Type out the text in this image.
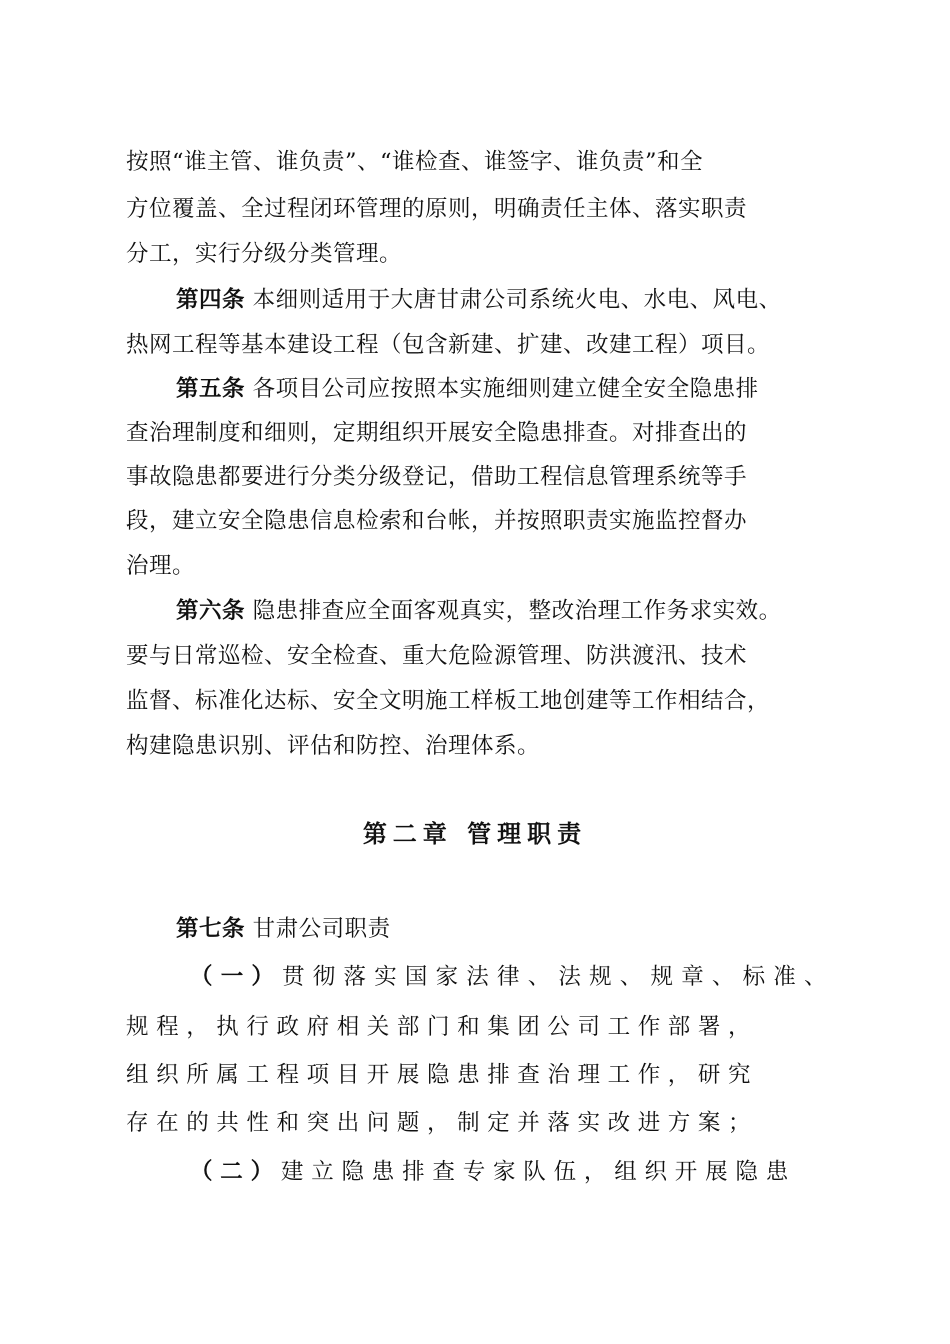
按照“谁主管、谁负责”、“谁检查、谁签字、谁负责”和全
方位覆盖、全过程闭环管理的原则，明确责任主体、落实职责
分工，实行分级分类管理。
第四条 本细则适用于大唐甘肃公司系统火电、水电、风电、
热网工程等基本建设工程（包含新建、扩建、改建工程）项目。
第五条 各项目公司应按照本实施细则建立健全安全隐患排
查治理制度和细则，定期组织开展安全隐患排查。对排查出的
事故隐患都要进行分类分级登记，借助工程信息管理系统等手
段，建立安全隐患信息检索和台帐，并按照职责实施监控督办
治理。
第六条 隐患排查应全面客观真实，整改治理工作务求实效。
要与日常巡检、安全检查、重大危险源管理、防洪渡汛、技术
监督、标准化达标、安全文明施工样板工地创建等工作相结合，
构建隐患识别、评估和防控、治理体系。
第二章 管理职责
第七条 甘肃公司职责
（一）贯彻落实国家法律、法规、规章、标准、
规程，执行政府相关部门和集团公司工作部署，
组织所属工程项目开展隐患排查治理工作，研究
存在的共性和突出问题，制定并落实改进方案；
（二）建立隐患排查专家队伍，组织开展隐患
